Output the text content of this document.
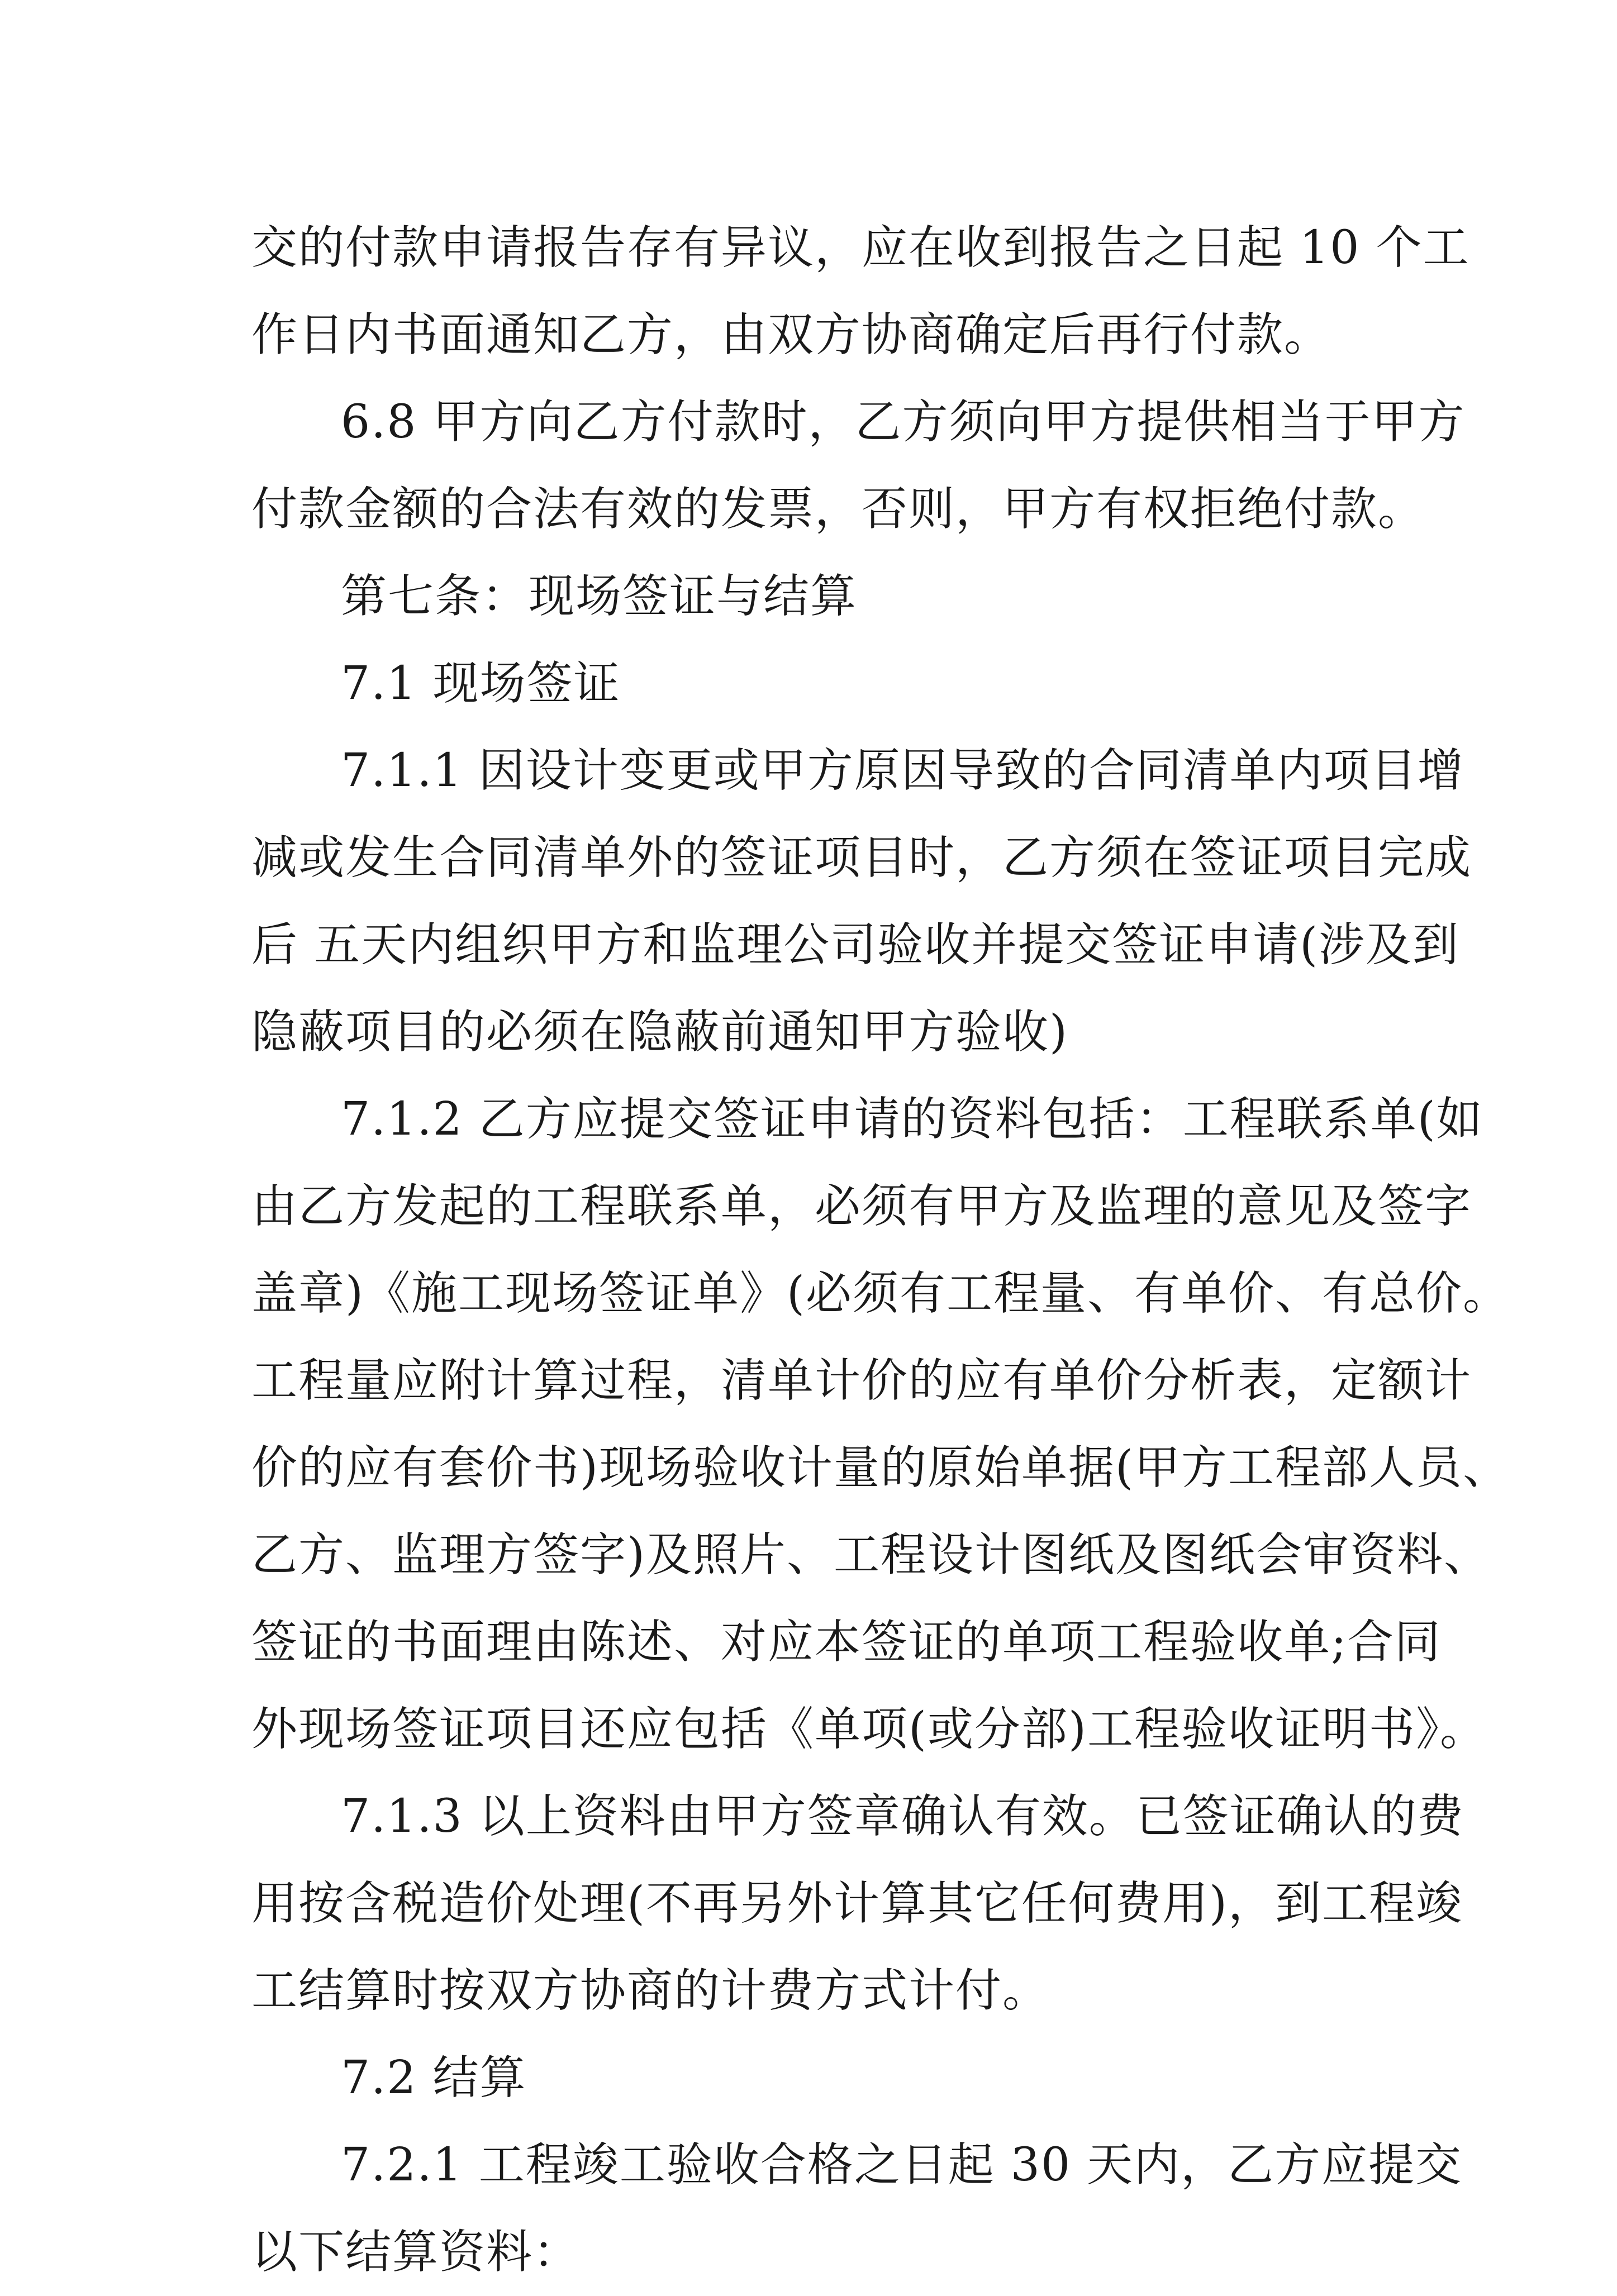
交的付款申请报告存有异议，应在收到报告之日起 10 个工
作日内书面通知乙方，由双方协商确定后再行付款。
6.8 甲方向乙方付款时，乙方须向甲方提供相当于甲方
付款金额的合法有效的发票，否则，甲方有权拒绝付款。
第七条：现场签证与结算
7.1 现场签证
7.1.1 因设计变更或甲方原因导致的合同清单内项目增
减或发生合同清单外的签证项目时，乙方须在签证项目完成
后 五天内组织甲方和监理公司验收并提交签证申请(涉及到
隐蔽项目的必须在隐蔽前通知甲方验收)
7.1.2 乙方应提交签证申请的资料包括：工程联系单(如
由乙方发起的工程联系单，必须有甲方及监理的意见及签字
盖章)《施工现场签证单》(必须有工程量、有单价、有总价。
工程量应附计算过程，清单计价的应有单价分析表，定额计
价的应有套价书)现场验收计量的原始单据(甲方工程部人员、
乙方、监理方签字)及照片、工程设计图纸及图纸会审资料、
签证的书面理由陈述、对应本签证的单项工程验收单;合同
外现场签证项目还应包括《单项(或分部)工程验收证明书》。
7.1.3 以上资料由甲方签章确认有效。已签证确认的费
用按含税造价处理(不再另外计算其它任何费用)，到工程竣
工结算时按双方协商的计费方式计付。
7.2 结算
7.2.1 工程竣工验收合格之日起 30 天内，乙方应提交
以下结算资料：
